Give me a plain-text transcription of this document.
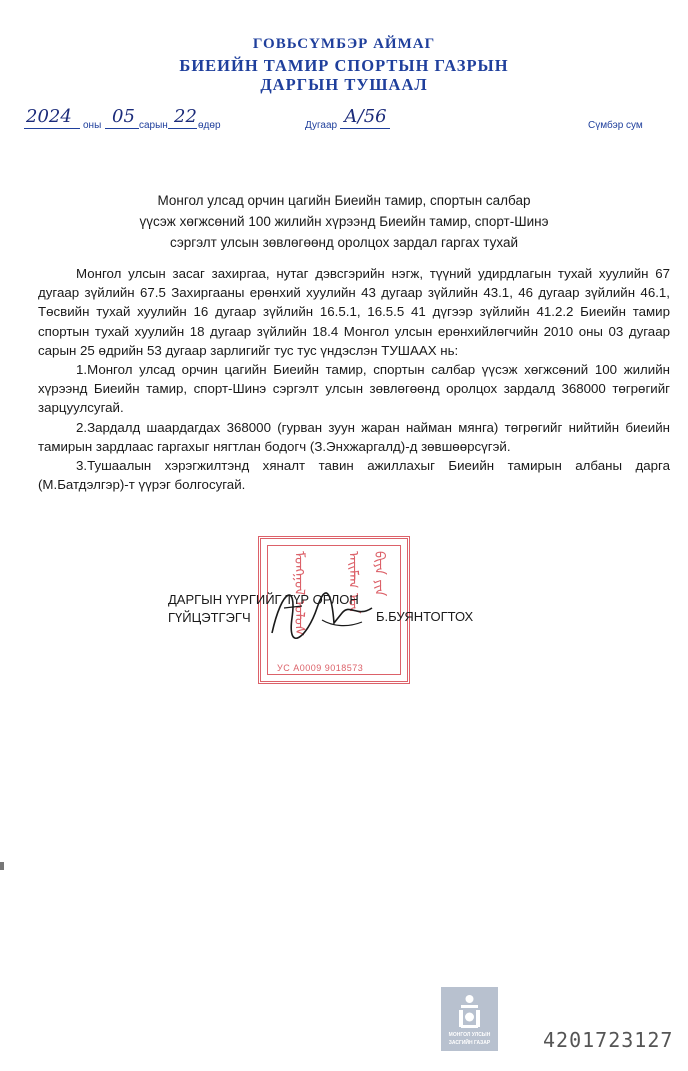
ГОВЬСҮМБЭР АЙМАГ
БИЕИЙН ТАМИР СПОРТЫН ГАЗРЫН
ДАРГЫН ТУШААЛ
2024 оны 05 сарын 22 өдөр	Дугаар А/56	Сүмбэр сум
Монгол улсад орчин цагийн Биеийн тамир, спортын салбар
үүсэж хөгжсөний 100 жилийн хүрээнд Биеийн тамир, спорт-Шинэ
сэргэлт улсын зөвлөгөөнд оролцох зардал гаргах тухай

Монгол улсын засаг захиргаа, нутаг дэвсгэрийн нэгж, түүний удирдлагын тухай хуулийн 67 дугаар зүйлийн 67.5 Захиргааны ерөнхий хуулийн 43 дугаар зүйлийн 43.1, 46 дугаар зүйлийн 46.1, Төсвийн тухай хуулийн 16 дугаар зүйлийн 16.5.1, 16.5.5 41 дүгээр зүйлийн 41.2.2 Биеийн тамир спортын тухай хуулийн 18 дугаар зүйлийн 18.4 Монгол улсын ерөнхийлөгчийн 2010 оны 03 дугаар сарын 25 өдрийн 53 дугаар зарлигийг тус тус үндэслэн ТУШААХ нь:

1.Монгол улсад орчин цагийн Биеийн тамир, спортын салбар үүсэж хөгжсөний 100 жилийн хүрээнд Биеийн тамир, спорт-Шинэ сэргэлт улсын зөвлөгөөнд оролцох зардалд 368000 төгрөгийг зарцуулсугай.

2.Зардалд шаардагдах 368000 (гурван зуун жаран найман мянга) төгрөгийг нийтийн биеийн тамирын зардлаас гаргахыг нягтлан бодогч (З.Энхжаргалд)-д зөвшөөрсүгэй.

3.Тушаалын хэрэгжилтэнд хяналт тавин ажиллахыг Биеийн тамирын албаны дарга (М.Батдэлгэр)-т үүрэг болгосугай.

ᠮᠣᠩᠭᠣᠯ ᠤᠯᠤᠰ	ᠠᠢᠮᠠᠭ ᠤᠨ ᠪᠢᠶᠡ ᠶᠢᠨ
УС А0009 9018573
ДАРГЫН ҮҮРГИЙГ ТҮР ОРЛОН
ГҮЙЦЭТГЭГЧ	Б.БУЯНТОГТОХ
МОНГОЛ УЛСЫН
ЗАСГИЙН ГАЗАР	4201723127
